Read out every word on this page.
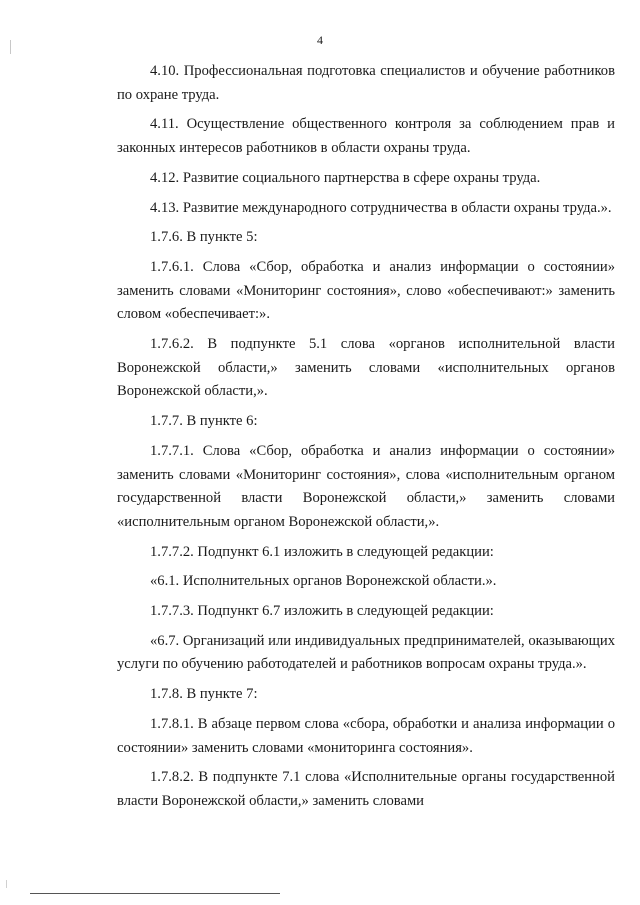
4

4.10. Профессиональная подготовка специалистов и обучение работников по охране труда.

4.11. Осуществление общественного контроля за соблюдением прав и законных интересов работников в области охраны труда.

4.12. Развитие социального партнерства в сфере охраны труда.

4.13. Развитие международного сотрудничества в области охраны труда.».

1.7.6. В пункте 5:

1.7.6.1. Слова «Сбор, обработка и анализ информации о состоянии» заменить словами «Мониторинг состояния», слово «обеспечивают:» заменить словом «обеспечивает:».

1.7.6.2. В подпункте 5.1 слова «органов исполнительной власти Воронежской области,» заменить словами «исполнительных органов Воронежской области,».

1.7.7. В пункте 6:

1.7.7.1. Слова «Сбор, обработка и анализ информации о состоянии» заменить словами «Мониторинг состояния», слова «исполнительным органом государственной власти Воронежской области,» заменить словами «исполнительным органом Воронежской области,».

1.7.7.2. Подпункт 6.1 изложить в следующей редакции:

«6.1. Исполнительных органов Воронежской области.».

1.7.7.3. Подпункт 6.7 изложить в следующей редакции:

«6.7. Организаций или индивидуальных предпринимателей, оказывающих услуги по обучению работодателей и работников вопросам охраны труда.».

1.7.8. В пункте 7:

1.7.8.1. В абзаце первом слова «сбора, обработки и анализа информации о состоянии» заменить словами «мониторинга состояния».

1.7.8.2. В подпункте 7.1 слова «Исполнительные органы государственной власти Воронежской области,» заменить словами
